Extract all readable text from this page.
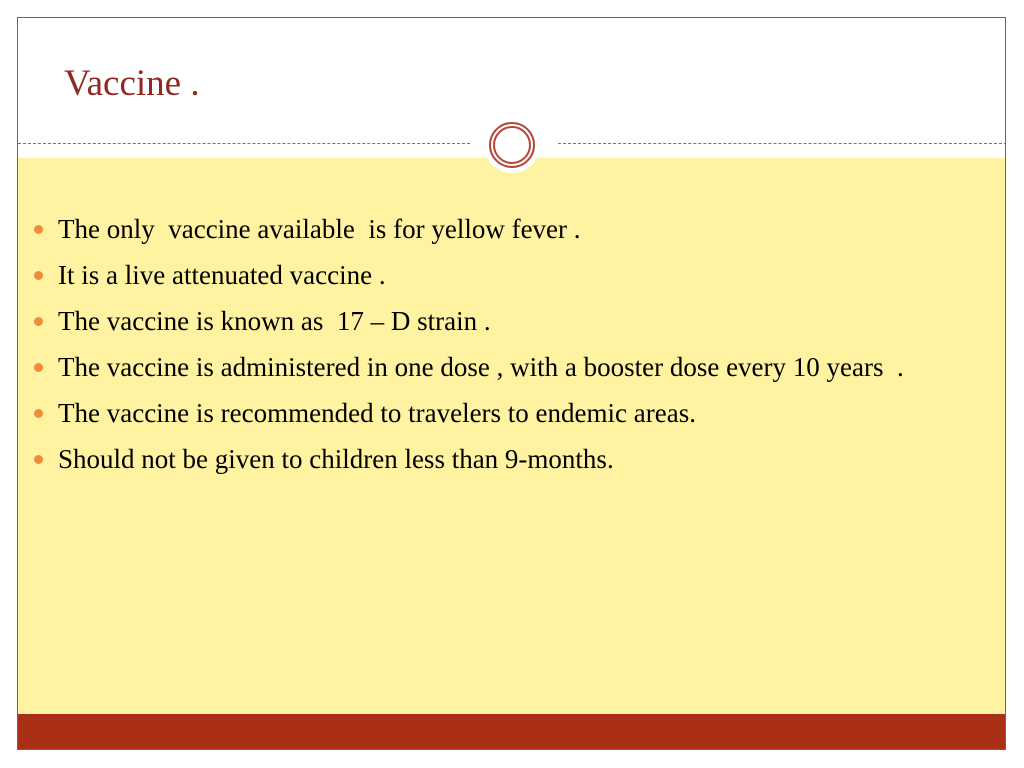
Vaccine .
The only  vaccine available  is for yellow fever .
It is a live attenuated vaccine .
The vaccine is known as  17 – D strain .
The vaccine is administered in one dose , with a booster dose every 10 years  .
The vaccine is recommended to travelers to endemic areas.
Should not be given to children less than 9-months.
